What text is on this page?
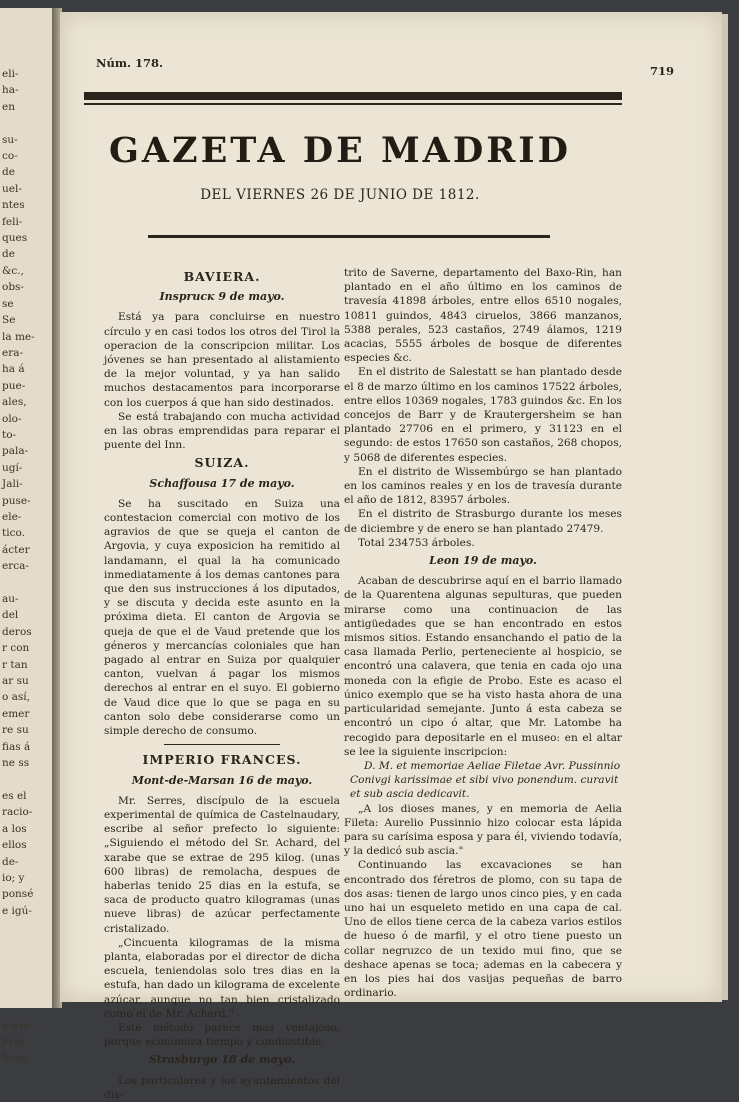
eli-
ha-
en

su-
co-
de
uel-
ntes
feli-
ques
de
&c.,
obs-
se
Se
la me-
era-
ha á
pue-
ales,
olo-
to-
pala-
ugí-
Jali-
puse-
ele-
tico.
ácter
erca-

au-
del
deros
r con
r tan
ar su
o así,
emer
re su
fias á
ne ss

es el
racio-
a los
ellos
de-
io; y
ponsé
e igú-

a exe-
Fraj
tone-
Núm. 178.
719
GAZETA DE MADRID
DEL VIERNES 26 DE JUNIO DE 1812.
BAVIERA.
Insprucк 9 de mayo.

Está ya para concluirse en nuestro círculo y en casi todos los otros del Tirol la operacion de la conscripcion militar. Los jóvenes se han presentado al alistamiento de la mejor voluntad, y ya han salido muchos destacamentos para incorporarse con los cuerpos á que han sido destinados.

Se está trabajando con mucha actividad en las obras emprendidas para reparar el puente del Inn.

SUIZA.
Schaffousa 17 de mayo.

Se ha suscitado en Suiza una contestacion comercial con motivo de los agravios de que se queja el canton de Argovia, y cuya exposicion ha remitido al landamann, el qual la ha comunicado inmediatamente á los demas cantones para que den sus instrucciones á los diputados, y se discuta y decida este asunto en la próxima dieta. El canton de Argovia se queja de que el de Vaud pretende que los géneros y mercancías coloniales que han pagado al entrar en Suiza por qualquier canton, vuelvan á pagar los mismos derechos al entrar en el suyo. El gobierno de Vaud dice que lo que se paga en su canton solo debe considerarse como un simple derecho de consumo.

IMPERIO FRANCES.
Mont-de-Marsan 16 de mayo.

Mr. Serres, discípulo de la escuela experimental de química de Castelnaudary, escribe al señor prefecto lo siguiente: „Siguiendo el método del Sr. Achard, del xarabe que se extrae de 295 kilog. (unas 600 libras) de remolacha, despues de haberlas tenido 25 dias en la estufa, se saca de producto quatro kilogramas (unas nueve libras) de azúcar perfectamente cristalizado.

„Cincuenta kilogramas de la misma planta, elaboradas por el director de dicha escuela, teniendolas solo tres dias en la estufa, han dado un kilograma de excelente azúcar, aunque no tan bien cristalizado como el de Mr. Achard."

Este método parece mas ventajoso, porque economiza tiempo y combustible.

Strasburgo 18 de mayo.

Los particulares y los ayuntamientos del dis-

trito de Saverne, departamento del Baxo-Rin, han plantado en el año último en los caminos de travesía 41898 árboles, entre ellos 6510 nogales, 10811 guindos, 4843 ciruelos, 3866 manzanos, 5388 perales, 523 castaños, 2749 álamos, 1219 acacias, 5555 árboles de bosque de diferentes especies &c.

En el distrito de Salestatt se han plantado desde el 8 de marzo último en los caminos 17522 árboles, entre ellos 10369 nogales, 1783 guindos &c. En los concejos de Barr y de Krautergersheim se han plantado 27706 en el primero, y 31123 en el segundo: de estos 17650 son castaños, 268 chopos, y 5068 de diferentes especies.

En el distrito de Wissembúrgo se han plantado en los caminos reales y en los de travesía durante el año de 1812, 83957 árboles.

En el distrito de Strasburgo durante los meses de diciembre y de enero se han plantado 27479.

Total 234753 árboles.

Leon 19 de mayo.

Acaban de descubrirse aquí en el barrio llamado de la Quarentena algunas sepulturas, que pueden mirarse como una continuacion de las antigüedades que se han encontrado en estos mismos sitios. Estando ensanchando el patio de la casa llamada Perlio, perteneciente al hospicio, se encontró una calavera, que tenia en cada ojo una moneda con la efigie de Probo. Este es acaso el único exemplo que se ha visto hasta ahora de una particularidad semejante. Junto á esta cabeza se encontró un cipo ó altar, que Mr. Latombe ha recogido para depositarle en el museo: en el altar se lee la siguiente inscripcion:

D. M. et memoriae Aeliae Filetae Avr. Pussinnio Conivgi karissimae et sibi vivo ponendum. curavit et sub ascia dedicavit.

„A los dioses manes, y en memoria de Aelia Fileta: Aurelio Pussinnio hizo colocar esta lápida para su carísima esposa y para él, viviendo todavía, y la dedicó sub ascia."

Continuando las excavaciones se han encontrado dos féretros de plomo, con su tapa de dos asas: tienen de largo unos cinco pies, y en cada uno hai un esqueleto metido en una capa de cal. Uno de ellos tiene cerca de la cabeza varios estilos de hueso ó de marfil, y el otro tiene puesto un collar negruzco de un texido mui fino, que se deshace apenas se toca; ademas en la cabecera y en los pies hai dos vasijas pequeñas de barro ordinario.
